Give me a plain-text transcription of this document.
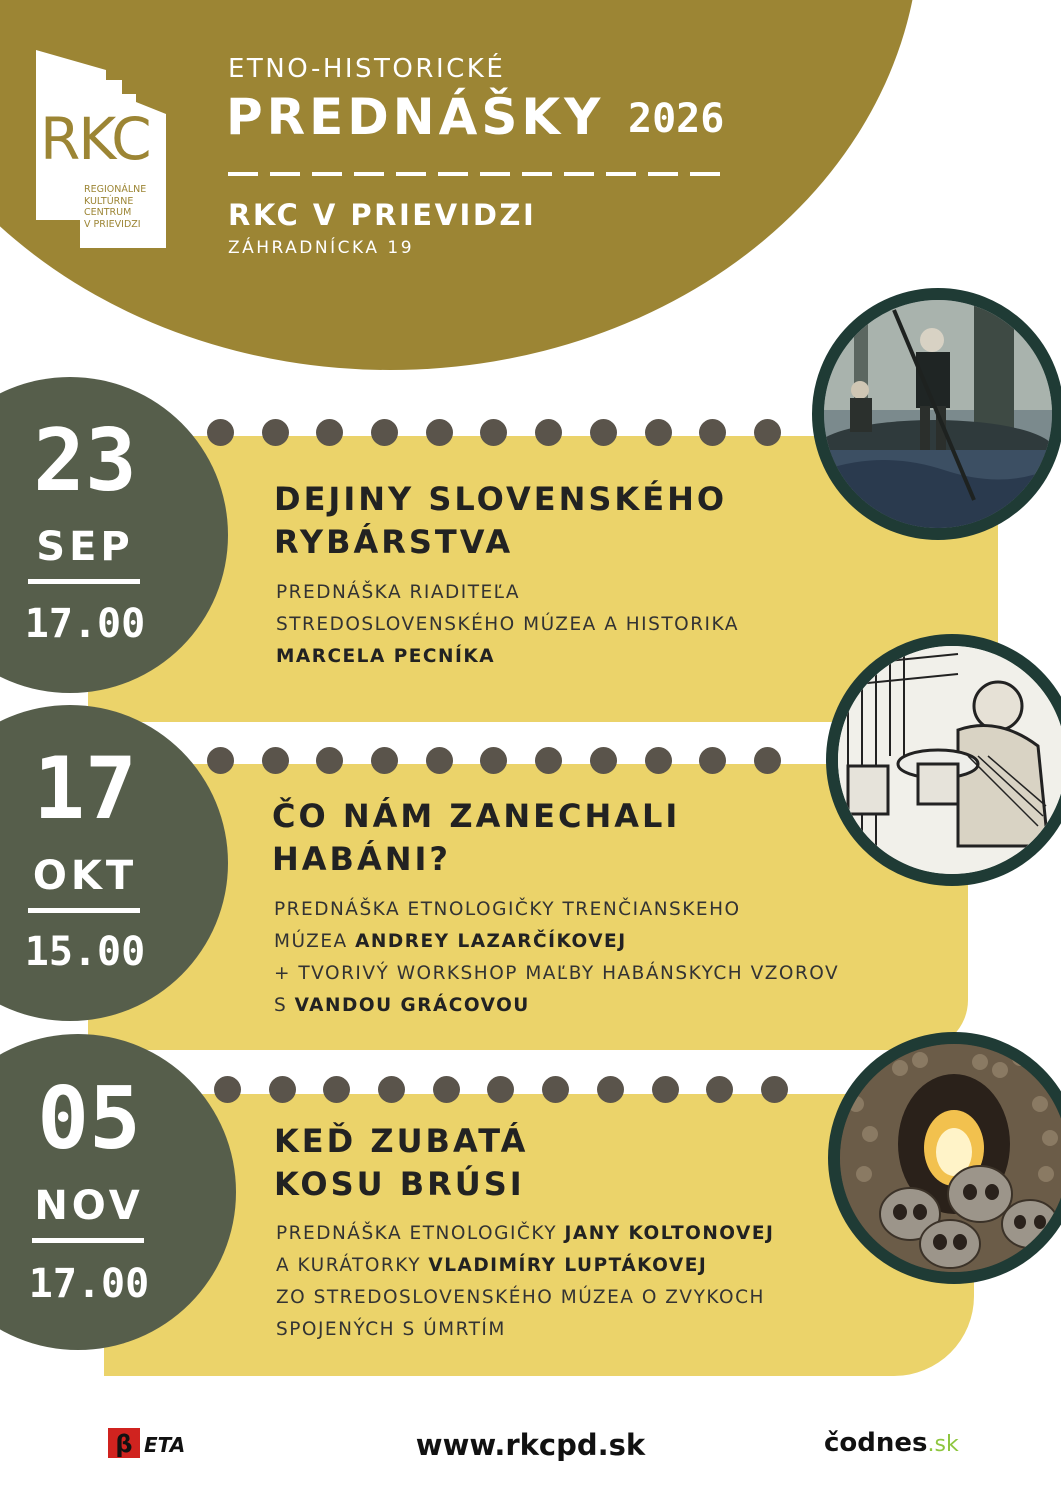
RKC
REGIONÁLNE
KULTÚRNE
CENTRUM
V PRIEVIDZI
ETNO-HISTORICKÉ
PREDNÁŠKY 2026
RKC V PRIEVIDZI
ZÁHRADNÍCKA 19
23
SEP
17.00
DEJINY SLOVENSKÉHO
RYBÁRSTVA
PREDNÁŠKA RIADITEĽA
STREDOSLOVENSKÉHO MÚZEA A HISTORIKA
MARCELA PECNÍKA
17
OKT
15.00
ČO NÁM ZANECHALI
HABÁNI?
PREDNÁŠKA ETNOLOGIČKY TRENČIANSKEHO
MÚZEA ANDREY LAZARČÍKOVEJ
+ TVORIVÝ WORKSHOP MAĽBY HABÁNSKYCH VZOROV
S VANDOU GRÁCOVOU
05
NOV
17.00
KEĎ ZUBATÁ
KOSU BRÚSI
PREDNÁŠKA ETNOLOGIČKY JANY KOLTONOVEJ
A KURÁTORKY VLADIMÍRY LUPTÁKOVEJ
ZO STREDOSLOVENSKÉHO MÚZEA O ZVYKOCH
SPOJENÝCH S ÚMRTÍM
β ETA	www.rkcpd.sk	čodnes.sk
